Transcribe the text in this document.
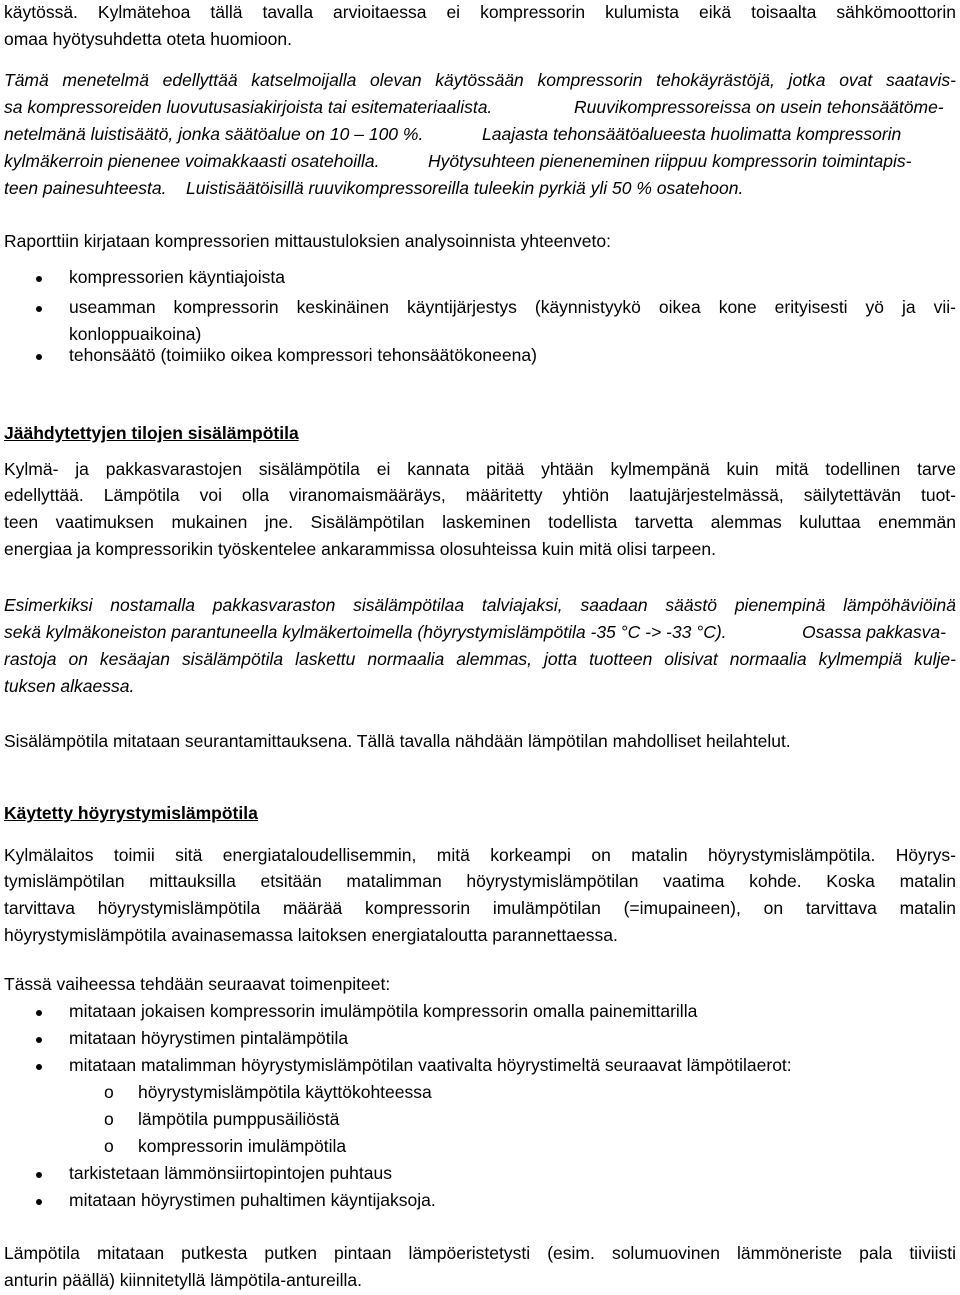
käytössä. Kylmätehoa tällä tavalla arvioitaessa ei kompressorin kulumista eikä toisaalta sähkömoottorin
omaa hyötysuhdetta oteta huomioon.
Tämä menetelmä edellyttää katselmoijalla olevan käytössään kompressorin tehokäyrästöjä, jotka ovat saatavis-
sa kompressoreiden luovutusasiakirjoista tai esitemateriaalista.	Ruuvikompressoreissa on usein tehonsäätöme-
netelmänä luistisäätö, jonka säätöalue on 10 – 100 %.	Laajasta tehonsäätöalueesta huolimatta kompressorin
kylmäkerroin pienenee voimakkaasti osatehoilla.	Hyötysuhteen pieneneminen riippuu kompressorin toimintapis-
teen painesuhteesta. Luistisäätöisillä ruuvikompressoreilla tuleekin pyrkiä yli 50 % osatehoon.
Raporttiin kirjataan kompressorien mittaustuloksien analysoinnista yhteenveto:
kompressorien käyntiajoista
useamman kompressorin keskinäinen käyntijärjestys (käynnistyykö oikea kone erityisesti yö ja vii-
konloppuaikoina)
tehonsäätö (toimiiko oikea kompressori tehonsäätökoneena)
Jäähdytettyjen tilojen sisälämpötila
Kylmä- ja pakkasvarastojen sisälämpötila ei kannata pitää yhtään kylmempänä kuin mitä todellinen tarve
edellyttää. Lämpötila voi olla viranomaismääräys, määritetty yhtiön laatujärjestelmässä, säilytettävän tuot-
teen vaatimuksen mukainen jne. Sisälämpötilan laskeminen todellista tarvetta alemmas kuluttaa enemmän
energiaa ja kompressorikin työskentelee ankarammissa olosuhteissa kuin mitä olisi tarpeen.
Esimerkiksi nostamalla pakkasvaraston sisälämpötilaa talviajaksi, saadaan säästö pienempinä lämpöhäviöinä
sekä kylmäkoneiston parantuneella kylmäkertoimella (höyrystymislämpötila -35 °C -> -33 °C).	Osassa pakkasva-
rastoja on kesäajan sisälämpötila laskettu normaalia alemmas, jotta tuotteen olisivat normaalia kylmempiä kulje-
tuksen alkaessa.
Sisälämpötila mitataan seurantamittauksena. Tällä tavalla nähdään lämpötilan mahdolliset heilahtelut.
Käytetty höyrystymislämpötila
Kylmälaitos toimii sitä energiataloudellisemmin, mitä korkeampi on matalin höyrystymislämpötila. Höyrys-
tymislämpötilan mittauksilla etsitään matalimman höyrystymislämpötilan vaatima kohde. Koska matalin
tarvittava höyrystymislämpötila määrää kompressorin imulämpötilan (=imupaineen), on tarvittava matalin
höyrystymislämpötila avainasemassa laitoksen energiataloutta parannettaessa.
Tässä vaiheessa tehdään seuraavat toimenpiteet:
mitataan jokaisen kompressorin imulämpötila kompressorin omalla painemittarilla
mitataan höyrystimen pintalämpötila
mitataan matalimman höyrystymislämpötilan vaativalta höyrystimeltä seuraavat lämpötilaerot:
o höyrystymislämpötila käyttökohteessa
o lämpötila pumppusäiliöstä
o kompressorin imulämpötila
tarkistetaan lämmönsiirtopintojen puhtaus
mitataan höyrystimen puhaltimen käyntijaksoja.
Lämpötila mitataan putkesta putken pintaan lämpöeristetysti (esim. solumuovinen lämmöneriste pala tiiviisti
anturin päällä) kiinnitetyllä lämpötila-antureilla.
